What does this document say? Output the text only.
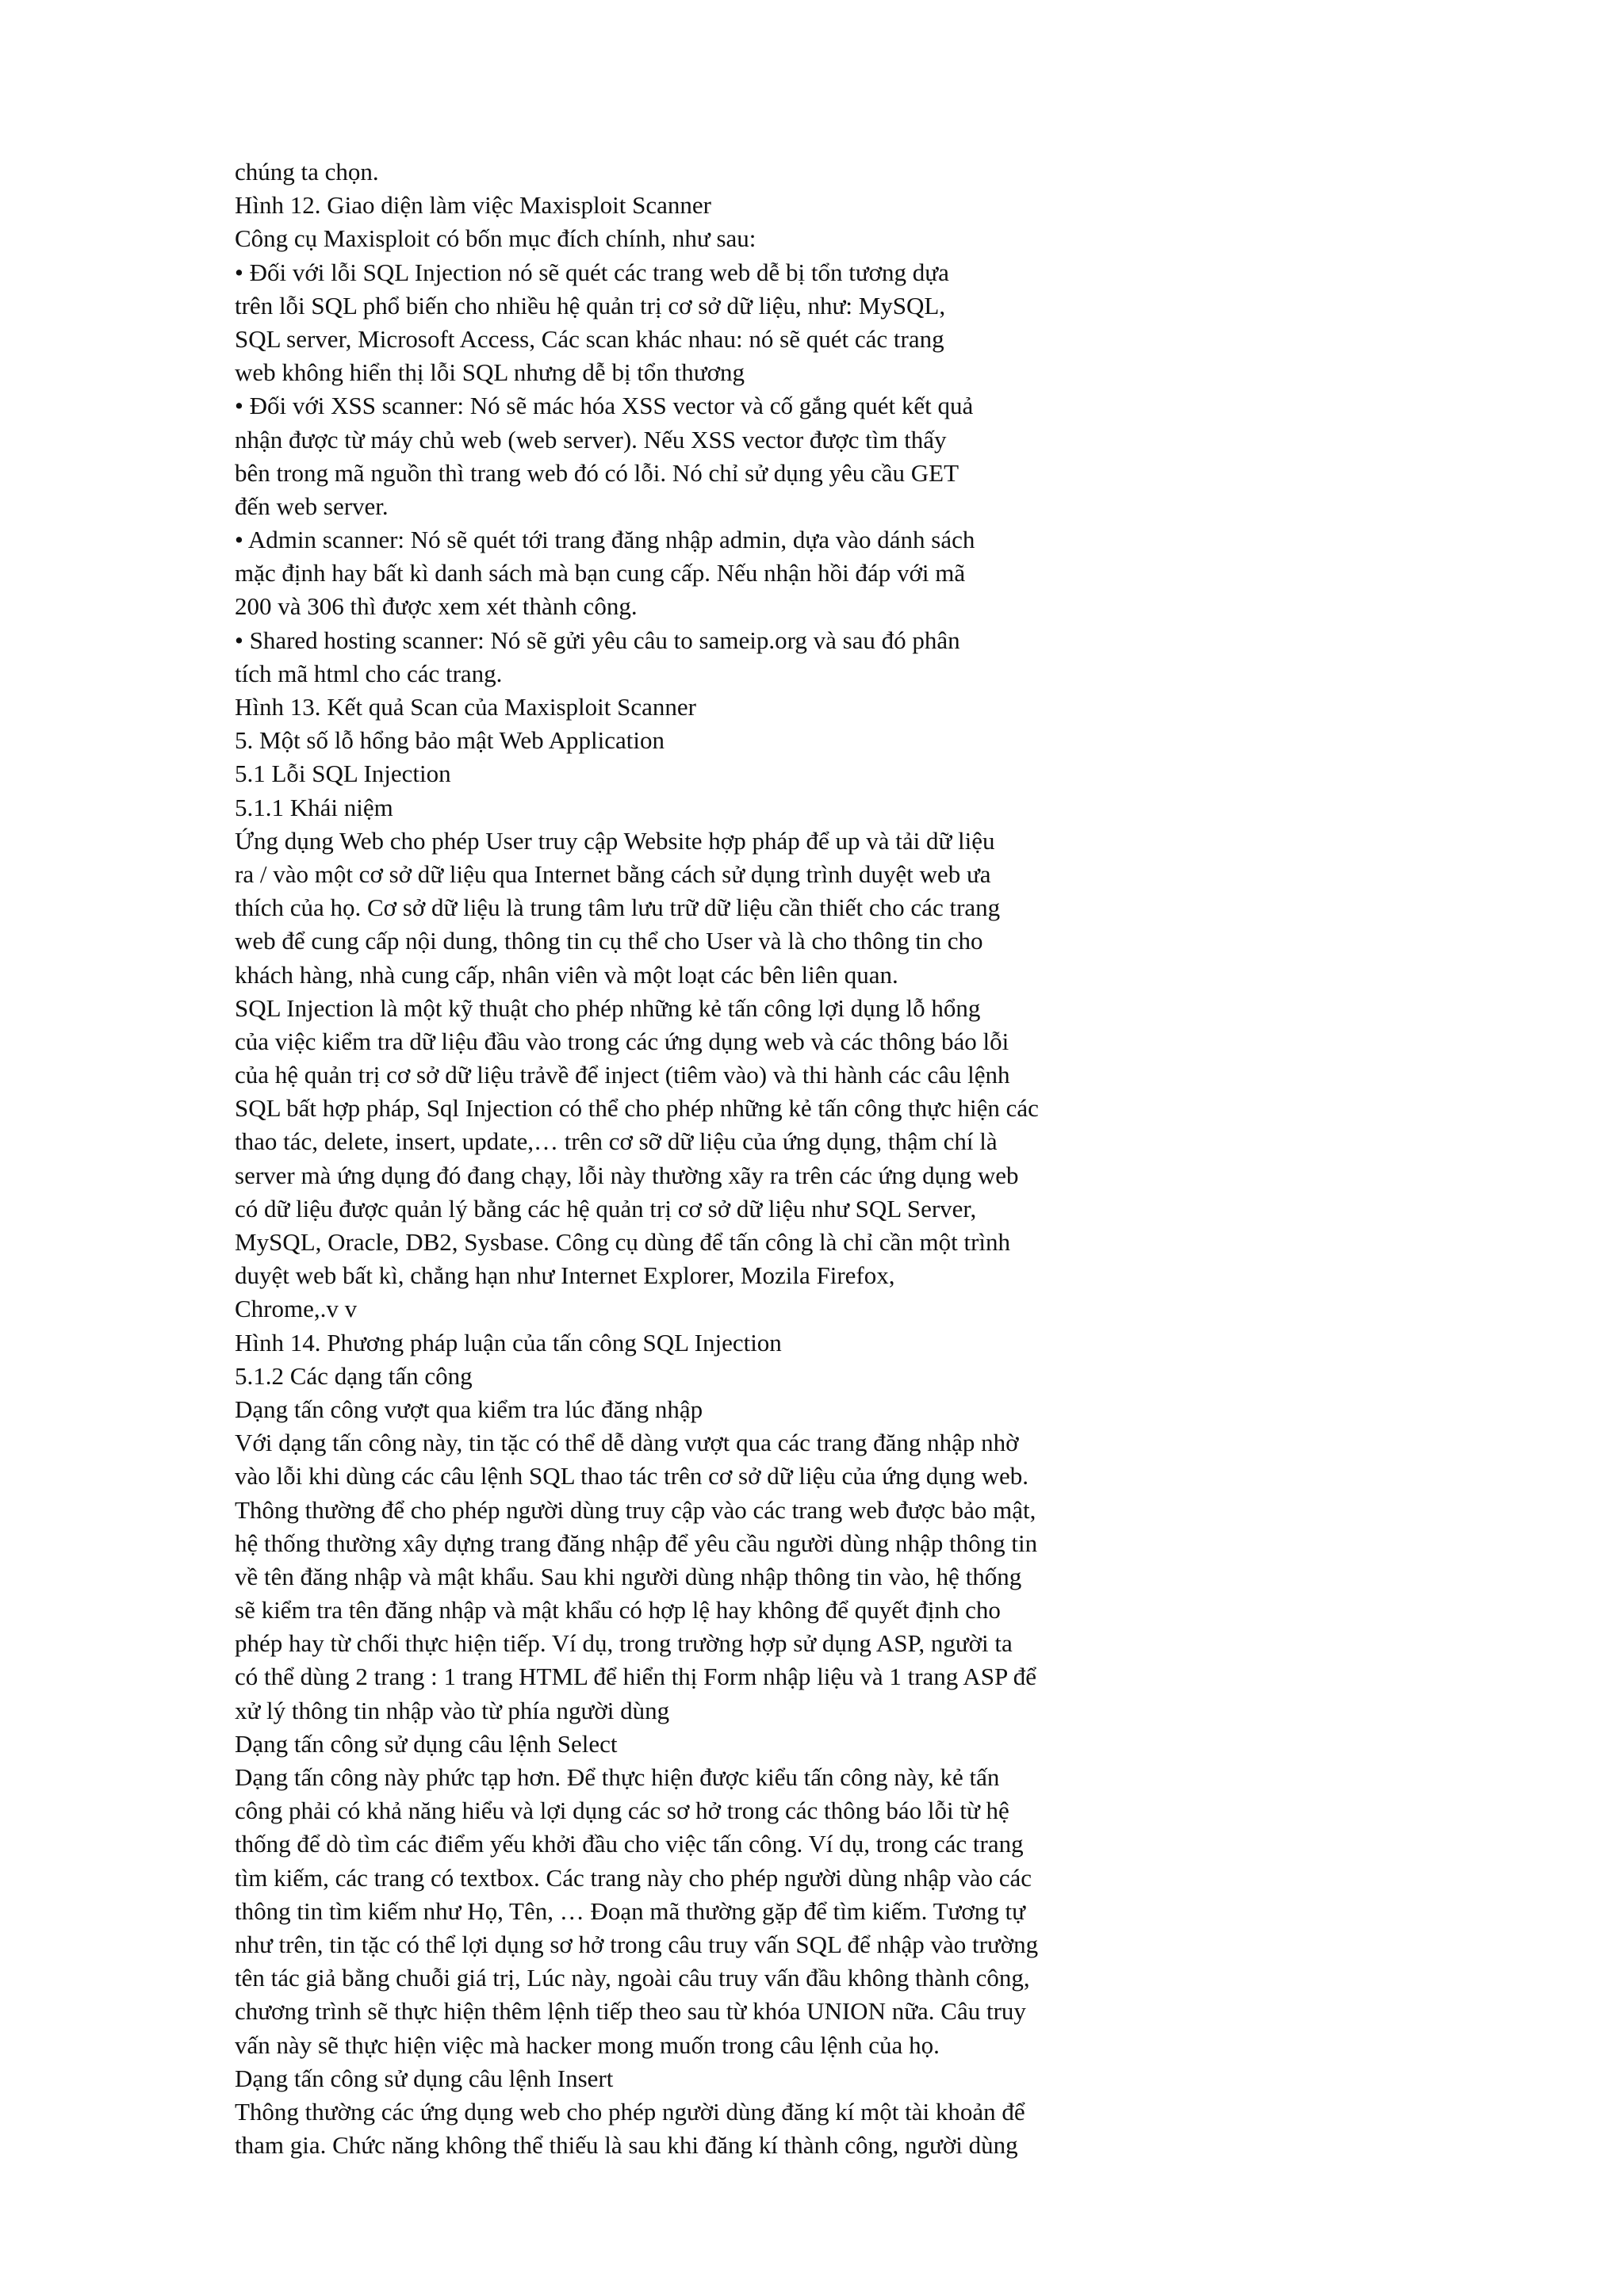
chúng ta chọn.
Hình 12. Giao diện làm việc Maxisploit Scanner
Công cụ Maxisploit có bốn mục đích chính, như sau:
• Đối với lỗi SQL Injection nó sẽ quét các trang web dễ bị tổn tương dựa
trên lỗi SQL phổ biến cho nhiều hệ quản trị cơ sở dữ liệu, như: MySQL,
SQL server, Microsoft Access, Các scan khác nhau: nó sẽ quét các trang
web không hiển thị lỗi SQL nhưng dễ bị tổn thương
• Đối với XSS scanner: Nó sẽ mác hóa XSS vector và cố gắng quét kết quả
nhận được từ máy chủ web (web server). Nếu XSS vector được tìm thấy
bên trong mã nguồn thì trang web đó có lỗi. Nó chỉ sử dụng yêu cầu GET
đến web server.
• Admin scanner: Nó sẽ quét tới trang đăng nhập admin, dựa vào dánh sách
mặc định hay bất kì danh sách mà bạn cung cấp. Nếu nhận hồi đáp với mã
200 và 306 thì được xem xét thành công.
• Shared hosting scanner: Nó sẽ gửi yêu câu to sameip.org và sau đó phân
tích mã html cho các trang.
Hình 13. Kết quả Scan của Maxisploit Scanner
5. Một số lỗ hổng bảo mật Web Application
5.1 Lỗi SQL Injection
5.1.1 Khái niệm
Ứng dụng Web cho phép User truy cập Website hợp pháp để up và tải dữ liệu
ra / vào một cơ sở dữ liệu qua Internet bằng cách sử dụng trình duyệt web ưa
thích của họ. Cơ sở dữ liệu là trung tâm lưu trữ dữ liệu cần thiết cho các trang
web để cung cấp nội dung, thông tin cụ thể cho User và là cho thông tin cho
khách hàng, nhà cung cấp, nhân viên và một loạt các bên liên quan.
SQL Injection là một kỹ thuật cho phép những kẻ tấn công lợi dụng lỗ hổng
của việc kiểm tra dữ liệu đầu vào trong các ứng dụng web và các thông báo lỗi
của hệ quản trị cơ sở dữ liệu trảvề để inject (tiêm vào) và thi hành các câu lệnh
SQL bất hợp pháp, Sql Injection có thể cho phép những kẻ tấn công thực hiện các
thao tác, delete, insert, update,… trên cơ sỡ dữ liệu của ứng dụng, thậm chí là
server mà ứng dụng đó đang chạy, lỗi này thường xãy ra trên các ứng dụng web
có dữ liệu được quản lý bằng các hệ quản trị cơ sở dữ liệu như SQL Server,
MySQL, Oracle, DB2, Sysbase. Công cụ dùng để tấn công là chỉ cần một trình
duyệt web bất kì, chẳng hạn như Internet Explorer, Mozila Firefox,
Chrome,.v v
Hình 14. Phương pháp luận của tấn công SQL Injection
5.1.2 Các dạng tấn công
Dạng tấn công vượt qua kiểm tra lúc đăng nhập
Với dạng tấn công này, tin tặc có thể dễ dàng vượt qua các trang đăng nhập nhờ
vào lỗi khi dùng các câu lệnh SQL thao tác trên cơ sở dữ liệu của ứng dụng web.
Thông thường để cho phép người dùng truy cập vào các trang web được bảo mật,
hệ thống thường xây dựng trang đăng nhập để yêu cầu người dùng nhập thông tin
về tên đăng nhập và mật khẩu. Sau khi người dùng nhập thông tin vào, hệ thống
sẽ kiểm tra tên đăng nhập và mật khẩu có hợp lệ hay không để quyết định cho
phép hay từ chối thực hiện tiếp. Ví dụ, trong trường hợp sử dụng ASP, người ta
có thể dùng 2 trang : 1 trang HTML để hiển thị Form nhập liệu và 1 trang ASP để
xử lý thông tin nhập vào từ phía người dùng
Dạng tấn công sử dụng câu lệnh Select
Dạng tấn công này phức tạp hơn. Để thực hiện được kiểu tấn công này, kẻ tấn
công phải có khả năng hiểu và lợi dụng các sơ hở trong các thông báo lỗi từ hệ
thống để dò tìm các điểm yếu khởi đầu cho việc tấn công. Ví dụ, trong các trang
tìm kiếm, các trang có textbox. Các trang này cho phép người dùng nhập vào các
thông tin tìm kiếm như Họ, Tên, … Đoạn mã thường gặp để tìm kiếm. Tương tự
như trên, tin tặc có thể lợi dụng sơ hở trong câu truy vấn SQL để nhập vào trường
tên tác giả bằng chuỗi giá trị, Lúc này, ngoài câu truy vấn đầu không thành công,
chương trình sẽ thực hiện thêm lệnh tiếp theo sau từ khóa UNION nữa. Câu truy
vấn này sẽ thực hiện việc mà hacker mong muốn trong câu lệnh của họ.
Dạng tấn công sử dụng câu lệnh Insert
Thông thường các ứng dụng web cho phép người dùng đăng kí một tài khoản để
tham gia. Chức năng không thể thiếu là sau khi đăng kí thành công, người dùng
